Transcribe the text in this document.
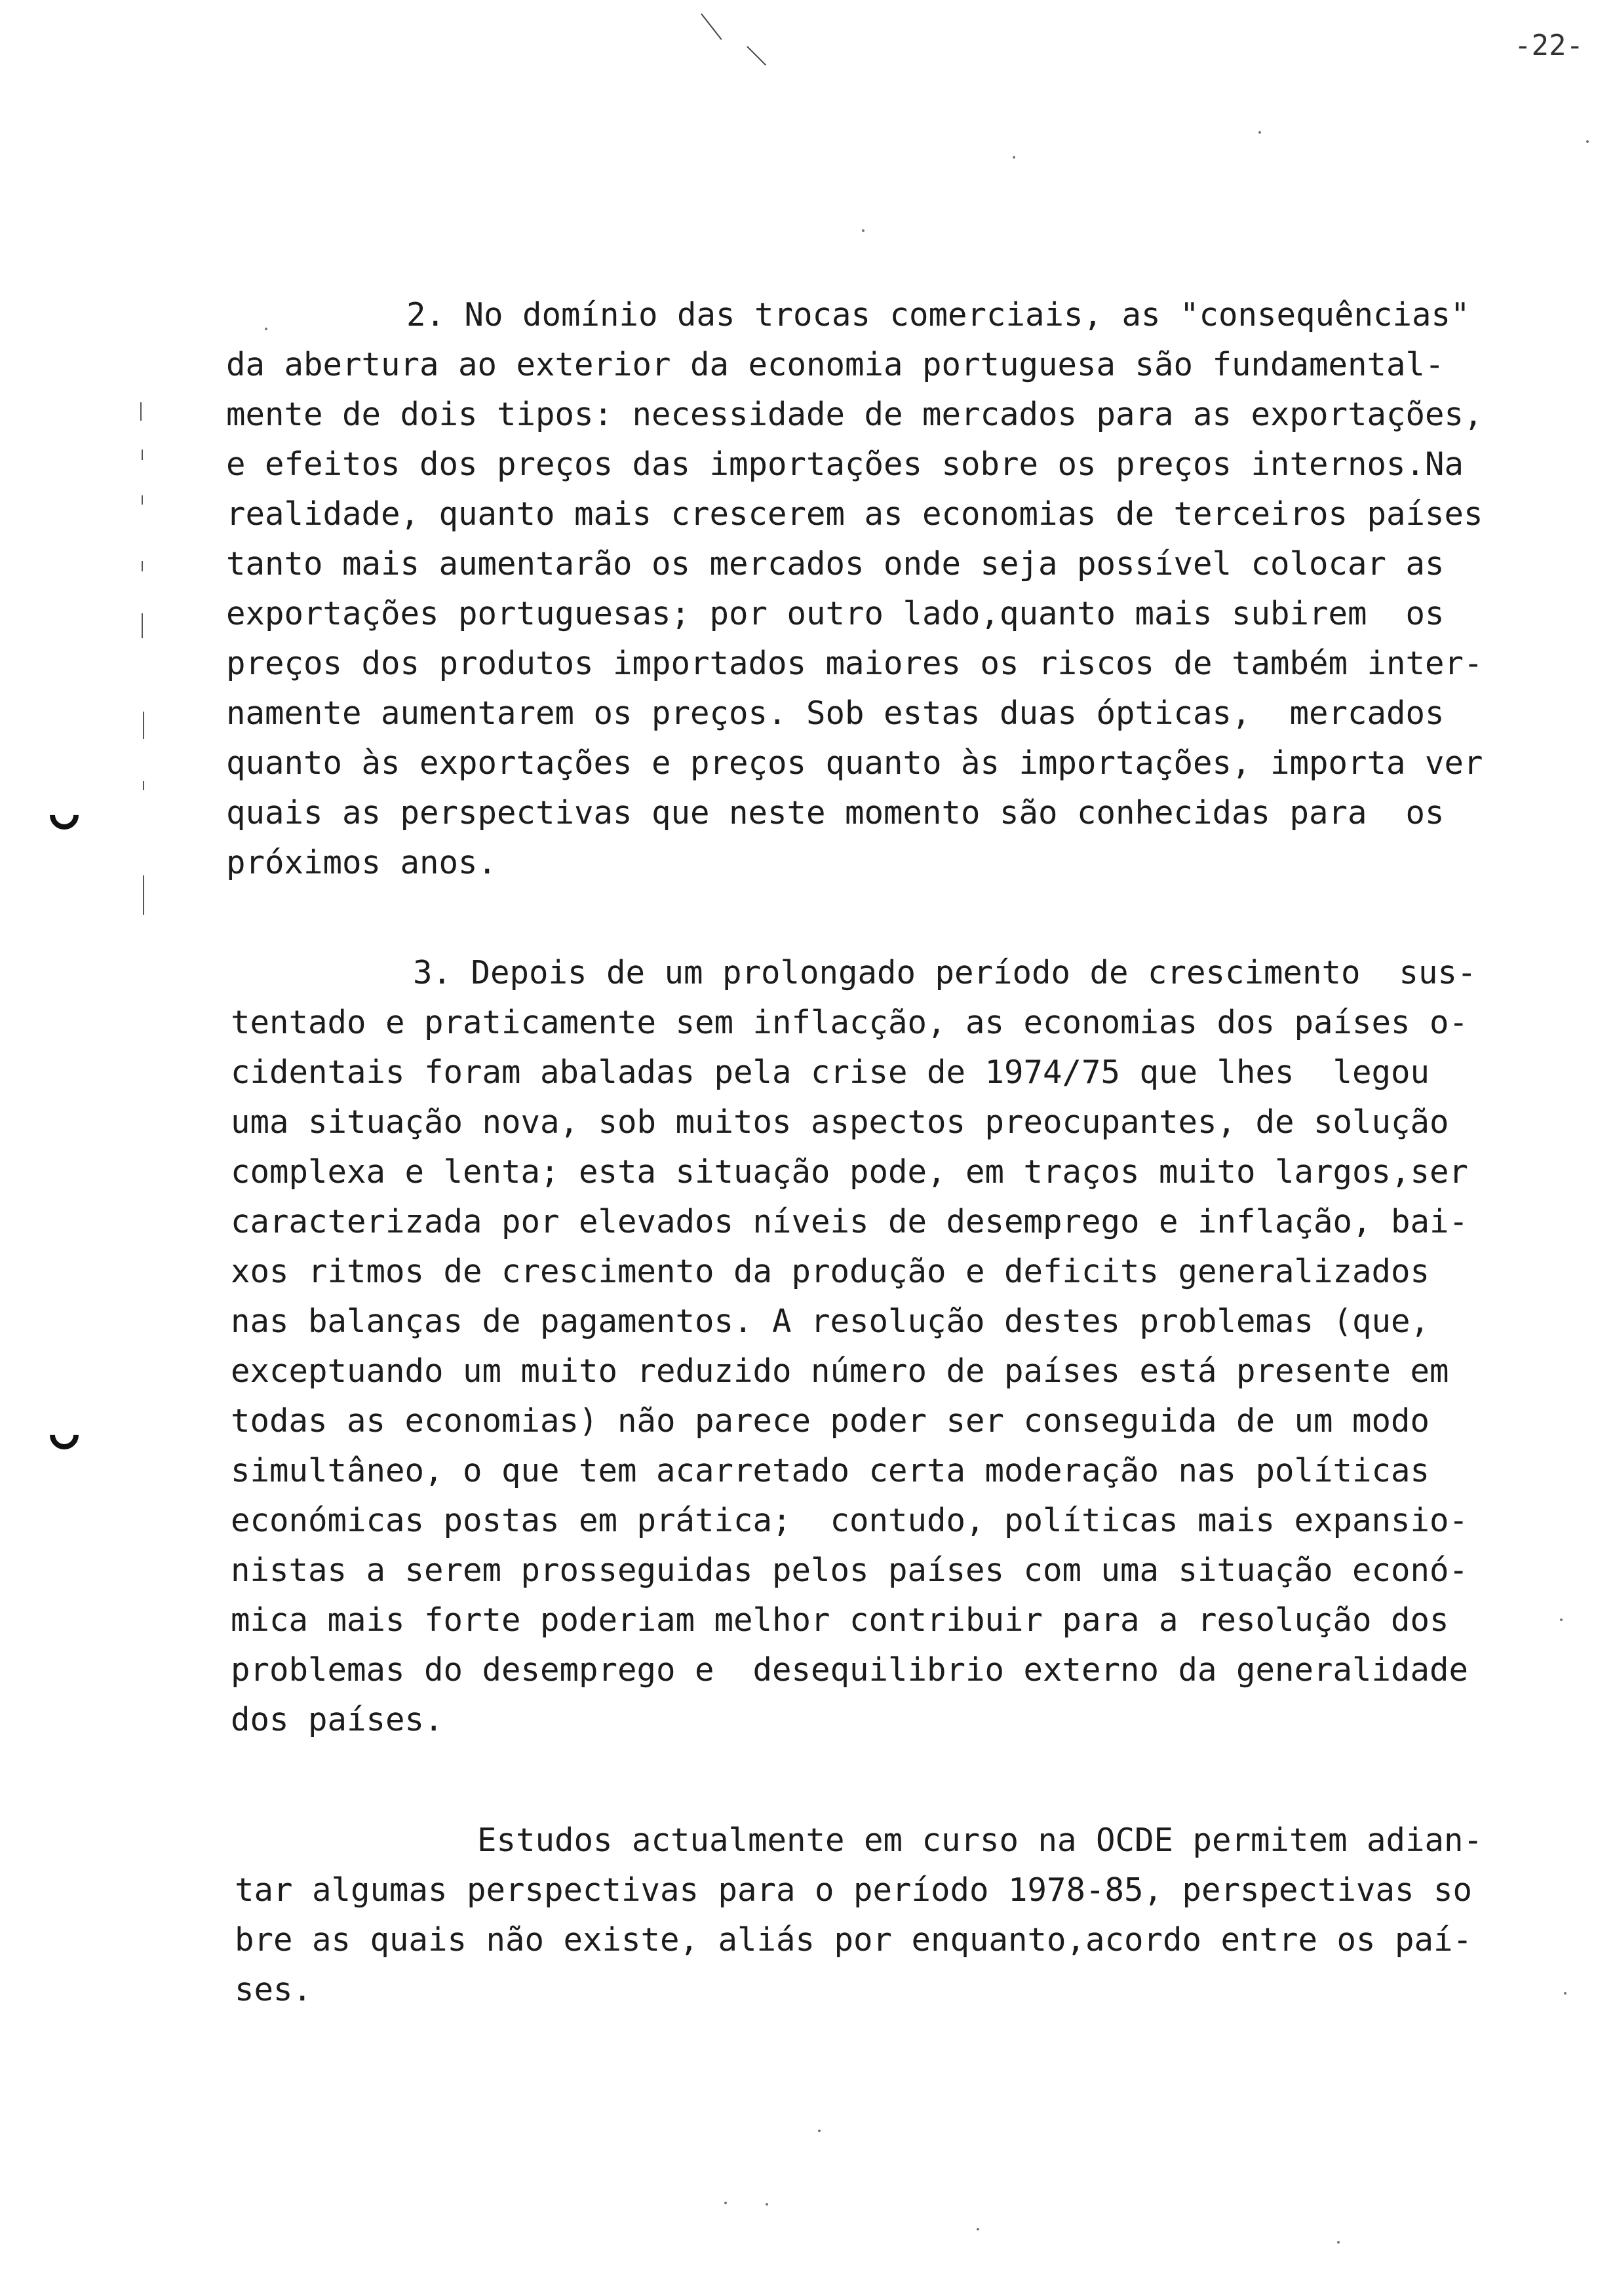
-22-
2. No domínio das trocas comerciais, as "consequências"
da abertura ao exterior da economia portuguesa são fundamental-
mente de dois tipos: necessidade de mercados para as exportações,
e efeitos dos preços das importações sobre os preços internos.Na
realidade, quanto mais crescerem as economias de terceiros países
tanto mais aumentarão os mercados onde seja possível colocar as
exportações portuguesas; por outro lado,quanto mais subirem  os
preços dos produtos importados maiores os riscos de também inter-
namente aumentarem os preços. Sob estas duas ópticas,  mercados
quanto às exportações e preços quanto às importações, importa ver
quais as perspectivas que neste momento são conhecidas para  os
próximos anos.
3. Depois de um prolongado período de crescimento  sus-
tentado e praticamente sem inflacção, as economias dos países o-
cidentais foram abaladas pela crise de 1974/75 que lhes  legou
uma situação nova, sob muitos aspectos preocupantes, de solução
complexa e lenta; esta situação pode, em traços muito largos,ser
caracterizada por elevados níveis de desemprego e inflação, bai-
xos ritmos de crescimento da produção e deficits generalizados
nas balanças de pagamentos. A resolução destes problemas (que,
exceptuando um muito reduzido número de países está presente em
todas as economias) não parece poder ser conseguida de um modo
simultâneo, o que tem acarretado certa moderação nas políticas
económicas postas em prática;  contudo, políticas mais expansio-
nistas a serem prosseguidas pelos países com uma situação econó-
mica mais forte poderiam melhor contribuir para a resolução dos
problemas do desemprego e  desequilibrio externo da generalidade
dos países.
Estudos actualmente em curso na OCDE permitem adian-
tar algumas perspectivas para o período 1978-85, perspectivas so
bre as quais não existe, aliás por enquanto,acordo entre os paí-
ses.
